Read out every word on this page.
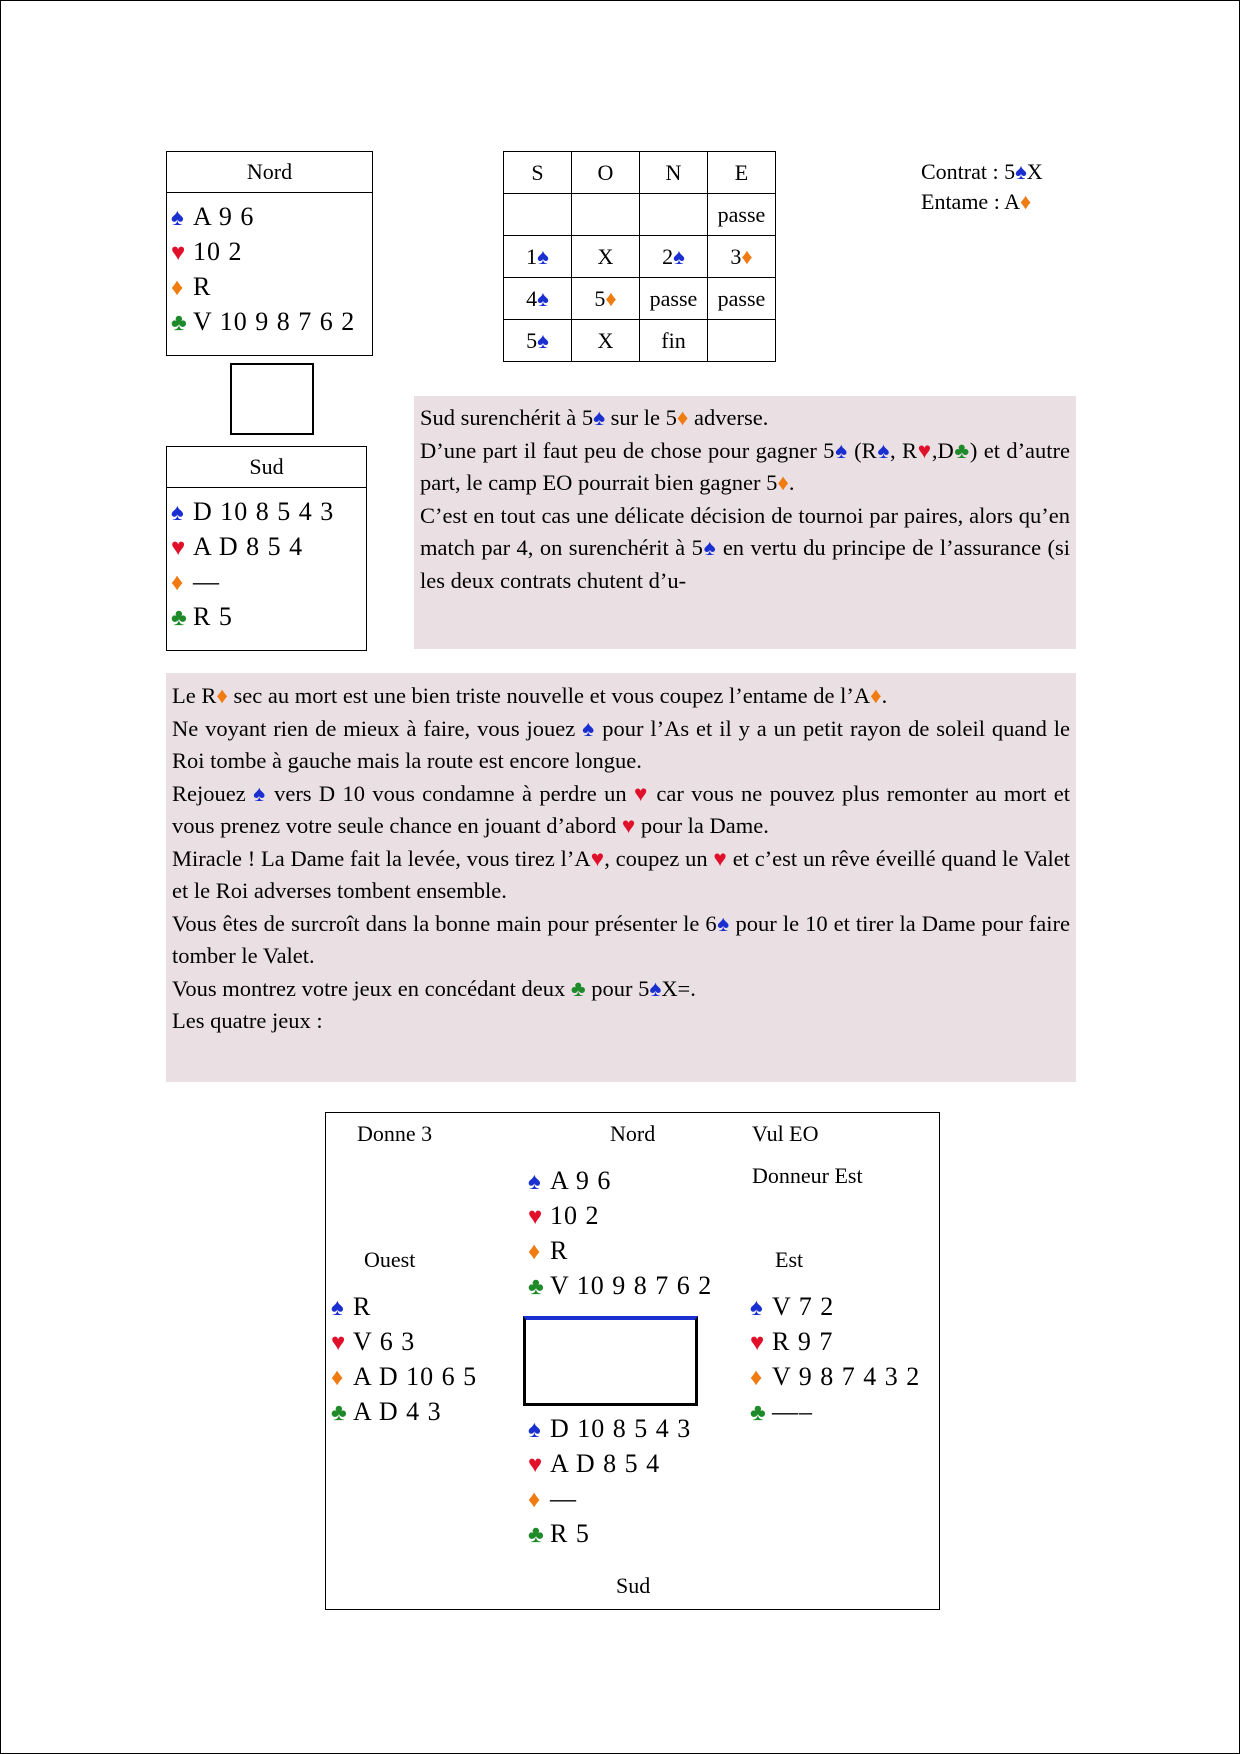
Nord
♠ A 9 6
♥ 10 2
♦ R
♣ V 10 9 8 7 6 2
Sud
♠ D 10 8 5 4 3
♥ A D 8 5 4
♦ —
♣ R 5
S	O	N	E
			passe
1♠	X	2♠	3♦
4♠	5♦	passe	passe
5♠	X	fin	
Contrat : 5♠X
Entame : A♦
Sud surenchérit à 5♠ sur le 5♦ adverse.
D’une part il faut peu de chose pour gagner 5♠ (R♠, R♥,D♣) et d’autre part, le camp EO pourrait bien gagner 5♦.
C’est en tout cas une délicate décision de tournoi par paires, alors qu’en match par 4, on surenchérit à 5♠ en vertu du principe de l’assurance (si les deux contrats chutent d’u-
Le R♦ sec au mort est une bien triste nouvelle et vous coupez l’entame de l’A♦.
Ne voyant rien de mieux à faire, vous jouez ♠ pour l’As et il y a un petit rayon de soleil quand le Roi tombe à gauche mais la route est encore longue.
Rejouez ♠ vers D 10 vous condamne à perdre un ♥ car vous ne pouvez plus remonter au mort et vous prenez votre seule chance en jouant d’abord ♥ pour la Dame.
Miracle ! La Dame fait la levée, vous tirez l’A♥, coupez un ♥ et c’est un rêve éveillé quand le Valet et le Roi adverses tombent ensemble.
Vous êtes de surcroît dans la bonne main pour présenter le 6♠ pour le 10 et tirer la Dame pour faire tomber le Valet.
Vous montrez votre jeux en concédant deux ♣ pour 5♠X=.
Les quatre jeux :
Donne 3	Nord	Vul EO
Donneur Est
Ouest	Est
Sud
♠ A 9 6
♥ 10 2
♦ R
♣ V 10 9 8 7 6 2
♠ R
♥ V 6 3
♦ A D 10 6 5
♣ A D 4 3
♠ V 7 2
♥ R 9 7
♦ V 9 8 7 4 3 2
♣ —–
♠ D 10 8 5 4 3
♥ A D 8 5 4
♦ —
♣ R 5
